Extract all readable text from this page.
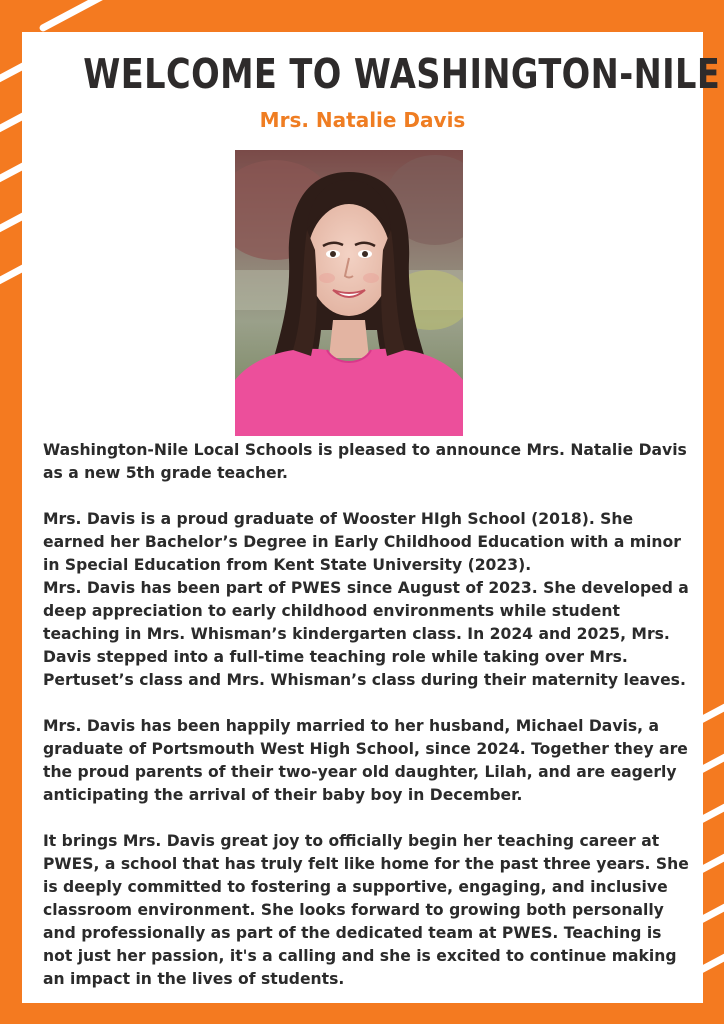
WELCOME TO WASHINGTON-NILE
Mrs. Natalie Davis

Washington-Nile Local Schools is pleased to announce Mrs. Natalie Davis as a new 5th grade teacher.

Mrs. Davis is a proud graduate of Wooster HIgh School (2018). She earned her Bachelor’s Degree in Early Childhood Education with a minor in Special Education from Kent State University (2023).

Mrs. Davis has been part of PWES since August of 2023. She developed a deep appreciation to early childhood environments while student teaching in Mrs. Whisman’s kindergarten class. In 2024 and 2025, Mrs. Davis stepped into a full-time teaching role while taking over Mrs. Pertuset’s class and Mrs. Whisman’s class during their maternity leaves.

Mrs. Davis has been happily married to her husband, Michael Davis, a graduate of Portsmouth West High School, since 2024. Together they are the proud parents of their two-year old daughter, Lilah, and are eagerly anticipating the arrival of their baby boy in December.

It brings Mrs. Davis great joy to officially begin her teaching career at PWES, a school that has truly felt like home for the past three years. She is deeply committed to fostering a supportive, engaging, and inclusive classroom environment. She looks forward to growing both personally and professionally as part of the dedicated team at PWES. Teaching is not just her passion, it's a calling and she is excited to continue making an impact in the lives of students.
